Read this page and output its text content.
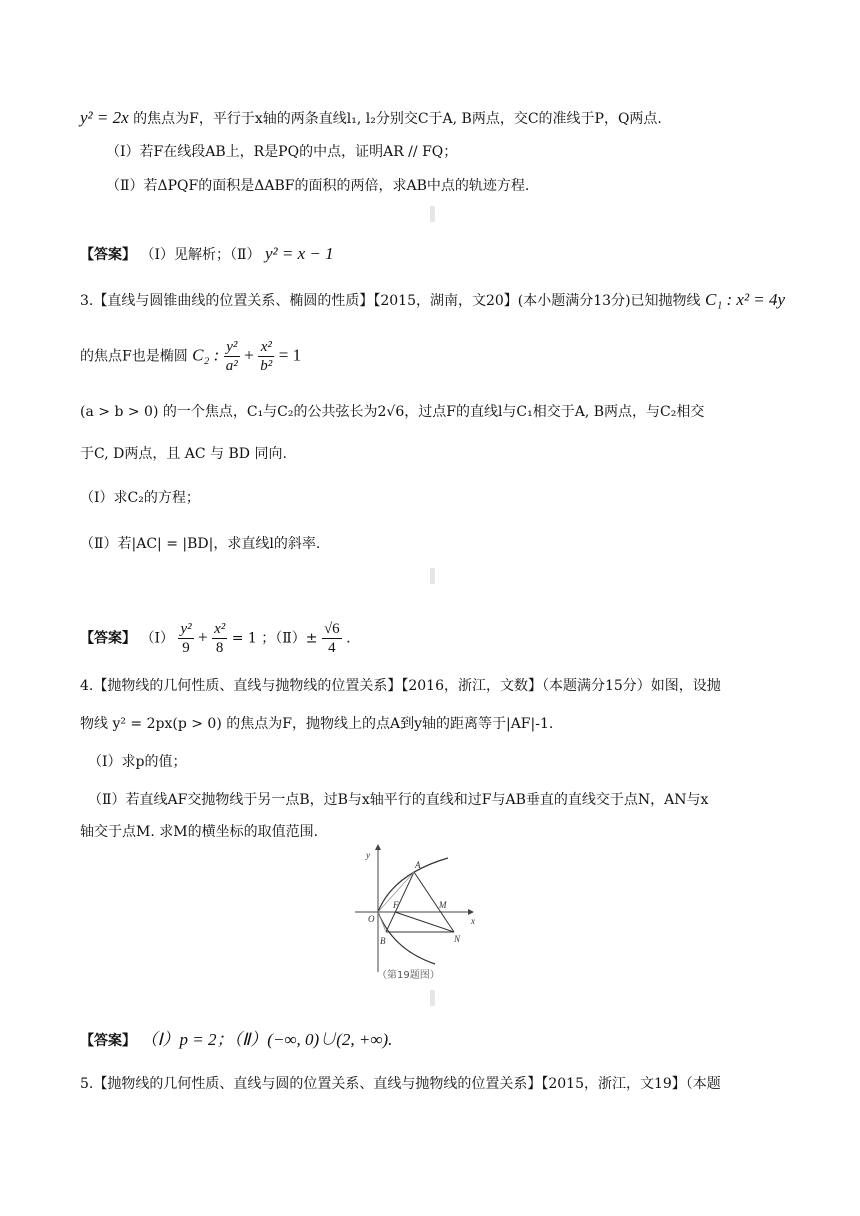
y² = 2x 的焦点为F，平行于x轴的两条直线l₁, l₂分别交C于A, B两点，交C的准线于P，Q两点.
（Ⅰ）若F在线段AB上，R是PQ的中点，证明AR // FQ；
（Ⅱ）若ΔPQF的面积是ΔABF的面积的两倍，求AB中点的轨迹方程.
【答案】 （Ⅰ）见解析；（Ⅱ） y² = x − 1
3.【直线与圆锥曲线的位置关系、椭圆的性质】【2015，湖南，文20】(本小题满分13分)已知抛物线 C₁ : x² = 4y
的焦点F也是椭圆 C₂ : $\frac{\text{y²}}{\text{a²}} + \frac{\text{x²}}{\text{b²}} = 1$
(a > b > 0) 的一个焦点，C₁与C₂的公共弦长为2√6，过点F的直线l与C₁相交于A, B两点，与C₂相交
于C, D两点，且 AC 与 BD 同向.
（Ⅰ）求C₂的方程；
（Ⅱ）若|AC| = |BD|，求直线l的斜率.
【答案】 （Ⅰ） $\frac{\text{y²}}{9} + \frac{\text{x²}}{8} = 1$ ；（Ⅱ）± $\frac{√6}{4}$ .
4.【抛物线的几何性质、直线与抛物线的位置关系】【2016，浙江，文数】（本题满分15分）如图，设抛
物线 y² = 2px(p > 0) 的焦点为F，抛物线上的点A到y轴的距离等于|AF|-1.
（Ⅰ）求p的值；
（Ⅱ）若直线AF交抛物线于另一点B，过B与x轴平行的直线和过F与AB垂直的直线交于点N，AN与x
轴交于点M. 求M的横坐标的取值范围.
y
x
O
A
F	M
N
B
（第19题图）
【答案】 （Ⅰ）p = 2；（Ⅱ）(−∞, 0)∪(2, +∞).
5.【抛物线的几何性质、直线与圆的位置关系、直线与抛物线的位置关系】【2015，浙江，文19】（本题
